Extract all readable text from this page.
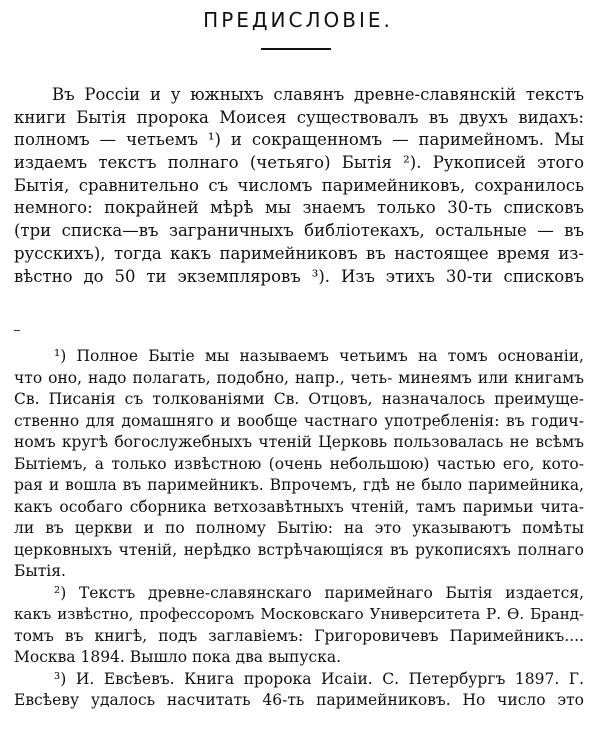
ПРЕДИСЛОВІЕ.
Въ Россіи и у южныхъ славянъ древне-славянскій текстъ
книги Бытія пророка Моисея существовалъ въ двухъ видахъ:
полномъ — четьемъ ¹) и сокращенномъ — паримейномъ. Мы
издаемъ текстъ полнаго (четьяго) Бытія ²). Рукописей этого
Бытія, сравнительно съ числомъ паримейниковъ, сохранилось
немного: покрайней мѣрѣ мы знаемъ только 30-ть списковъ
(три списка—въ заграничныхъ библіотекахъ, остальные — въ
русскихъ), тогда какъ паримейниковъ въ настоящее время из-
вѣстно до 50 ти экземпляровъ ³). Изъ этихъ 30-ти списковъ
¹) Полное Бытіе мы называемъ четьимъ на томъ основаніи,
что оно, надо полагать, подобно, напр., четь- минеямъ или книгамъ
Св. Писанія съ толкованіями Св. Отцовъ, назначалось преимуще-
ственно для домашняго и вообще частнаго употребленія: въ годич-
номъ кругѣ богослужебныхъ чтеній Церковь пользовалась не всѣмъ
Бытіемъ, а только извѣстною (очень небольшою) частью его, кото-
рая и вошла въ паримейникъ. Впрочемъ, гдѣ не было паримейника,
какъ особаго сборника ветхозавѣтныхъ чтеній, тамъ паримьи чита-
ли въ церкви и по полному Бытію: на это указываютъ помѣты
церковныхъ чтеній, нерѣдко встрѣчающіяся въ рукописяхъ полнаго
Бытія.
²) Текстъ древне-славянскаго паримейнаго Бытія издается,
какъ извѣстно, профессоромъ Московскаго Университета Р. Ѳ. Бранд-
томъ въ книгѣ, подъ заглавіемъ: Григоровичевъ Паримейникъ....
Москва 1894. Вышло пока два выпуска.
³) И. Евсѣевъ. Книга пророка Исаіи. С. Петербургъ 1897. Г.
Евсѣеву удалось насчитать 46-ть паримейниковъ. Но число это
